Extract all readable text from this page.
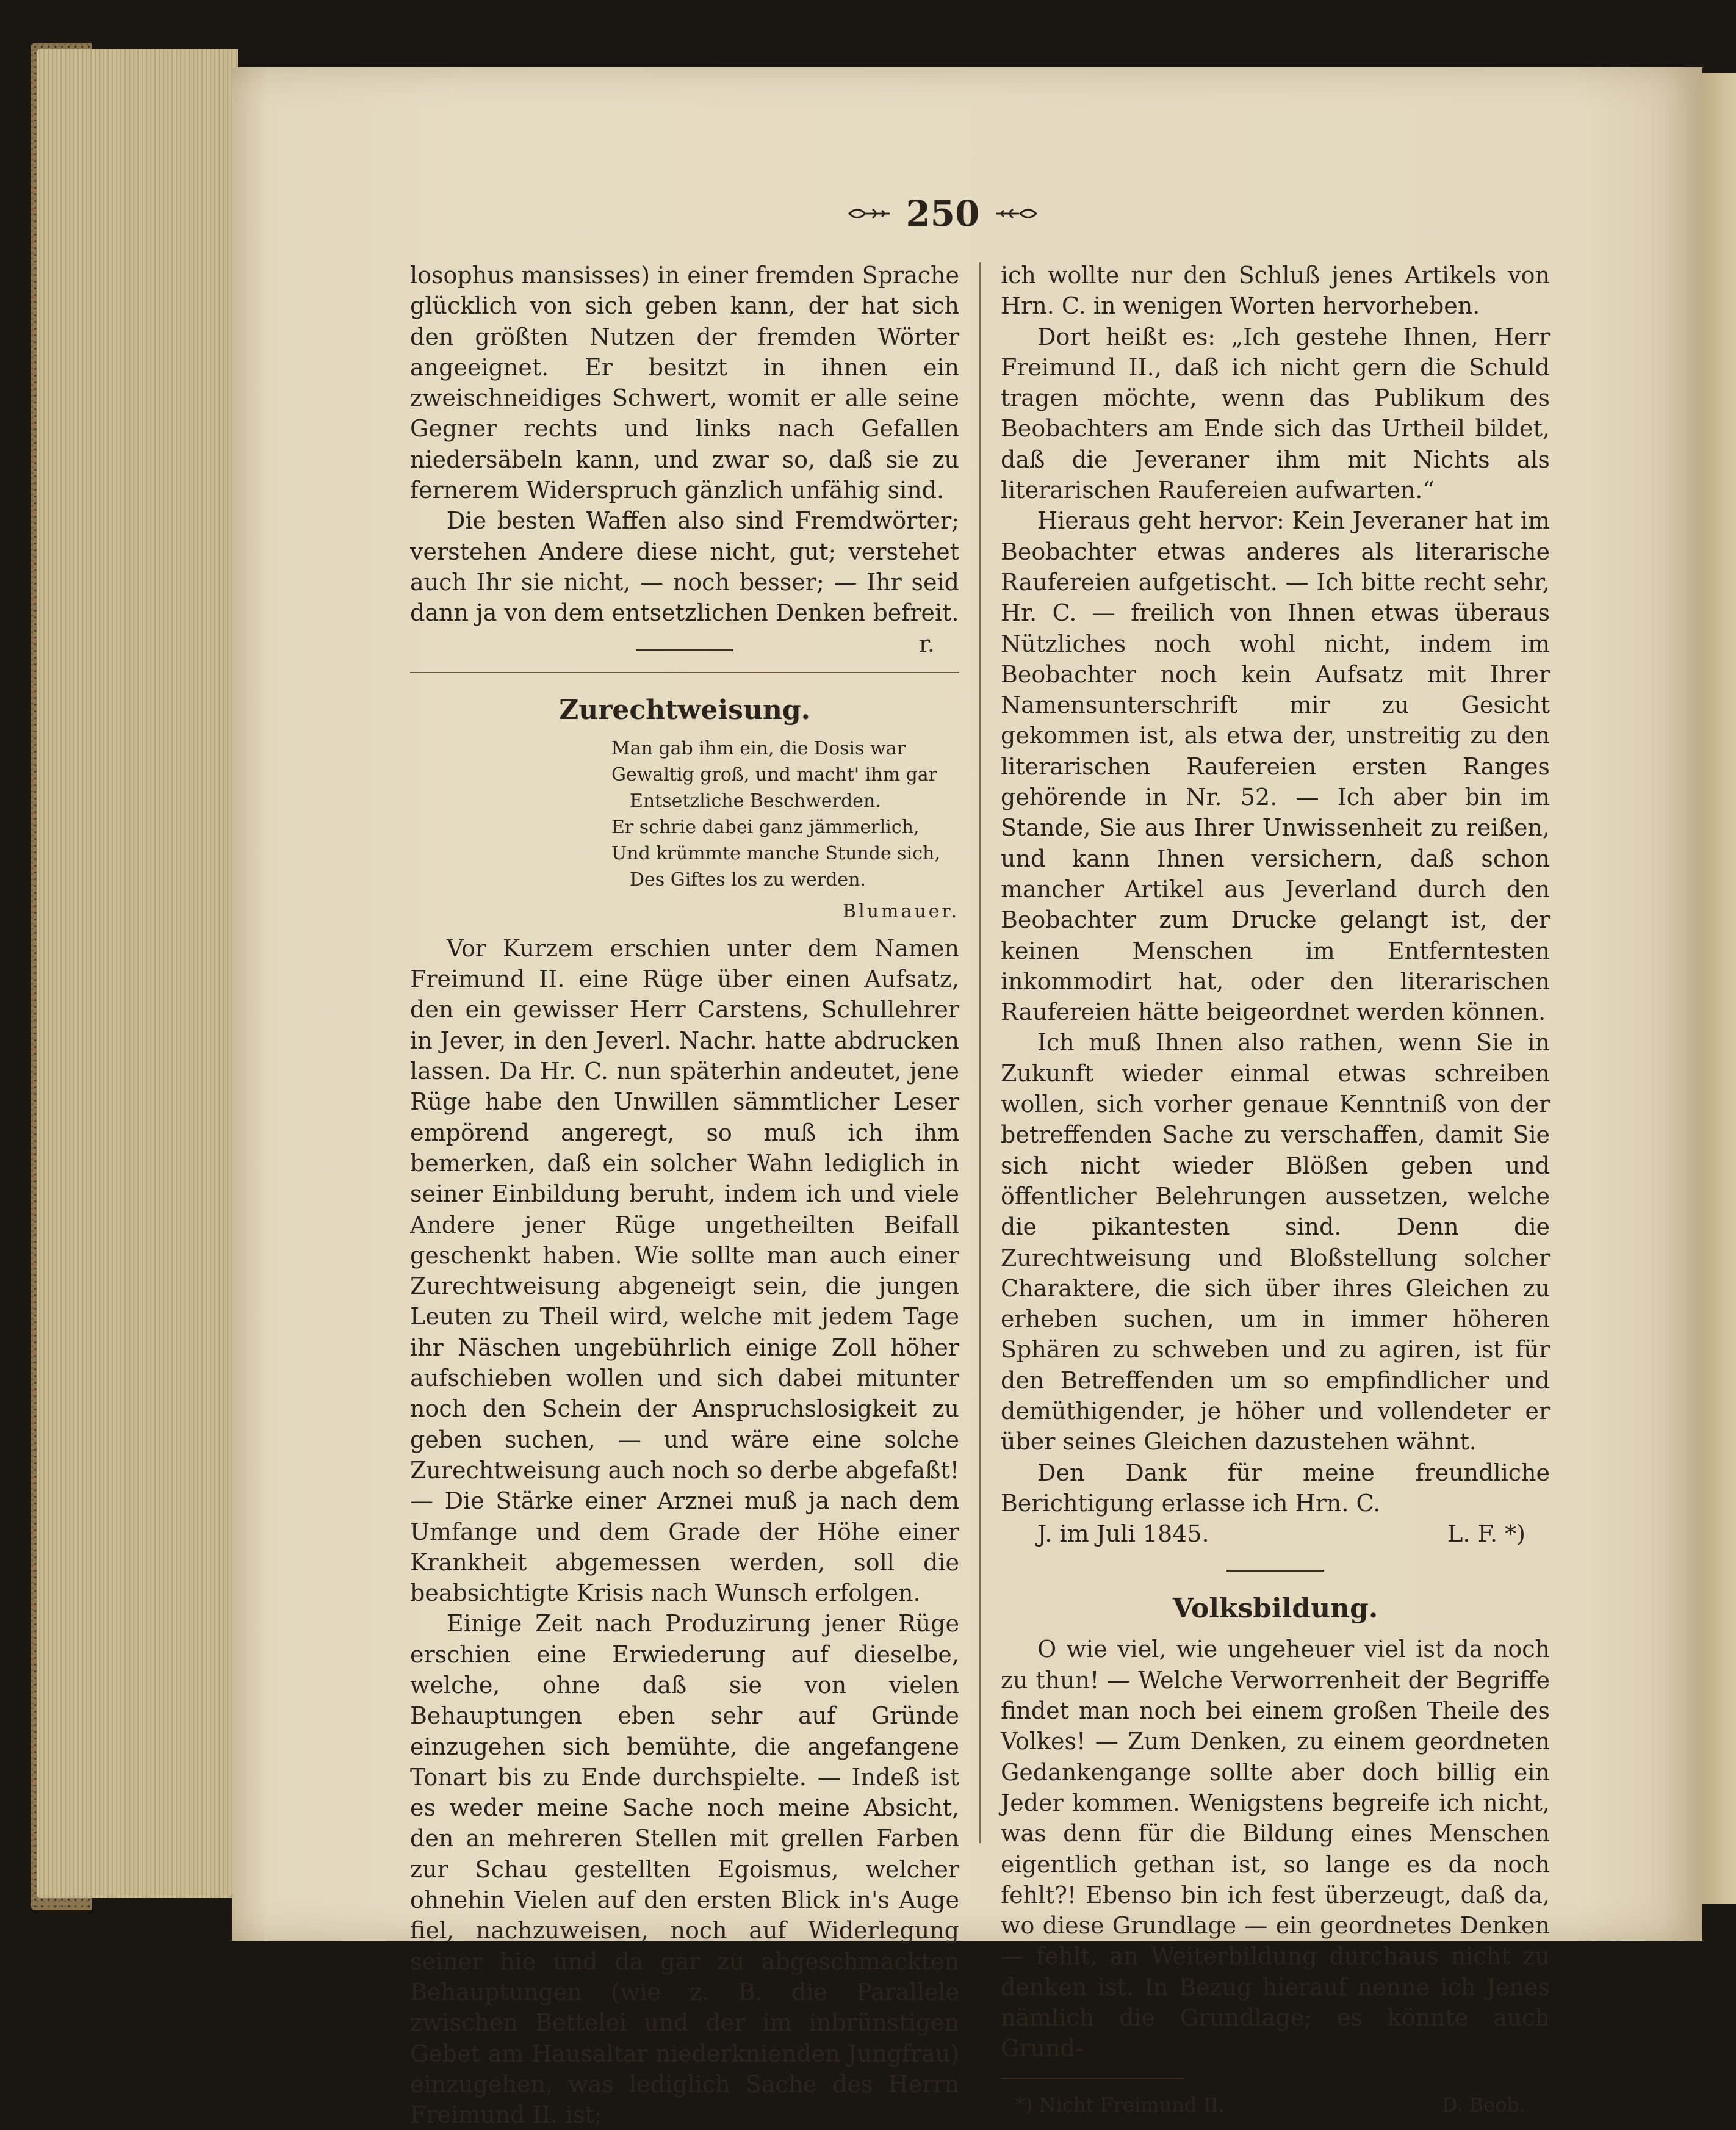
250

losophus mansisses) in einer fremden Sprache glücklich von sich geben kann, der hat sich den größten Nutzen der fremden Wörter angeeignet. Er besitzt in ihnen ein zweischneidiges Schwert, womit er alle seine Gegner rechts und links nach Gefallen niedersäbeln kann, und zwar so, daß sie zu fernerem Widerspruch gänzlich unfähig sind.

Die besten Waffen also sind Fremdwörter; verstehen Andere diese nicht, gut; verstehet auch Ihr sie nicht, — noch besser; — Ihr seid dann ja von dem entsetzlichen Denken befreit.
r.

Zurechtweisung.
Man gab ihm ein, die Dosis war
Gewaltig groß, und macht' ihm gar
Entsetzliche Beschwerden.
Er schrie dabei ganz jämmerlich,
Und krümmte manche Stunde sich,
Des Giftes los zu werden.
Blumauer.

Vor Kurzem erschien unter dem Namen Freimund II. eine Rüge über einen Aufsatz, den ein gewisser Herr Carstens, Schullehrer in Jever, in den Jeverl. Nachr. hatte abdrucken lassen. Da Hr. C. nun späterhin andeutet, jene Rüge habe den Unwillen sämmtlicher Leser empörend angeregt, so muß ich ihm bemerken, daß ein solcher Wahn lediglich in seiner Einbildung beruht, indem ich und viele Andere jener Rüge ungetheilten Beifall geschenkt haben. Wie sollte man auch einer Zurechtweisung abgeneigt sein, die jungen Leuten zu Theil wird, welche mit jedem Tage ihr Näschen ungebührlich einige Zoll höher aufschieben wollen und sich dabei mitunter noch den Schein der Anspruchslosigkeit zu geben suchen, — und wäre eine solche Zurechtweisung auch noch so derbe abgefaßt! — Die Stärke einer Arznei muß ja nach dem Umfange und dem Grade der Höhe einer Krankheit abgemessen werden, soll die beabsichtigte Krisis nach Wunsch erfolgen.

Einige Zeit nach Produzirung jener Rüge erschien eine Erwiederung auf dieselbe, welche, ohne daß sie von vielen Behauptungen eben sehr auf Gründe einzugehen sich bemühte, die angefangene Tonart bis zu Ende durchspielte. — Indeß ist es weder meine Sache noch meine Absicht, den an mehreren Stellen mit grellen Farben zur Schau gestellten Egoismus, welcher ohnehin Vielen auf den ersten Blick in's Auge fiel, nachzuweisen, noch auf Widerlegung seiner hie und da gar zu abgeschmackten Behauptungen (wie z. B. die Parallele zwischen Bettelei und der im inbrünstigen Gebet am Hausaltar niederknienden Jungfrau) einzugehen, was lediglich Sache des Herrn Freimund II. ist;

ich wollte nur den Schluß jenes Artikels von Hrn. C. in wenigen Worten hervorheben.

Dort heißt es: „Ich gestehe Ihnen, Herr Freimund II., daß ich nicht gern die Schuld tragen möchte, wenn das Publikum des Beobachters am Ende sich das Urtheil bildet, daß die Jeveraner ihm mit Nichts als literarischen Raufereien aufwarten.“

Hieraus geht hervor: Kein Jeveraner hat im Beobachter etwas anderes als literarische Raufereien aufgetischt. — Ich bitte recht sehr, Hr. C. — freilich von Ihnen etwas überaus Nützliches noch wohl nicht, indem im Beobachter noch kein Aufsatz mit Ihrer Namensunterschrift mir zu Gesicht gekommen ist, als etwa der, unstreitig zu den literarischen Raufereien ersten Ranges gehörende in Nr. 52. — Ich aber bin im Stande, Sie aus Ihrer Unwissenheit zu reißen, und kann Ihnen versichern, daß schon mancher Artikel aus Jeverland durch den Beobachter zum Drucke gelangt ist, der keinen Menschen im Entferntesten inkommodirt hat, oder den literarischen Raufereien hätte beigeordnet werden können.

Ich muß Ihnen also rathen, wenn Sie in Zukunft wieder einmal etwas schreiben wollen, sich vorher genaue Kenntniß von der betreffenden Sache zu verschaffen, damit Sie sich nicht wieder Blößen geben und öffentlicher Belehrungen aussetzen, welche die pikantesten sind. Denn die Zurechtweisung und Bloßstellung solcher Charaktere, die sich über ihres Gleichen zu erheben suchen, um in immer höheren Sphären zu schweben und zu agiren, ist für den Betreffenden um so empfindlicher und demüthigender, je höher und vollendeter er über seines Gleichen dazustehen wähnt.

Den Dank für meine freundliche Berichtigung erlasse ich Hrn. C.

J. im Juli 1845.	L. F. *)
Volksbildung.

O wie viel, wie ungeheuer viel ist da noch zu thun! — Welche Verworrenheit der Begriffe findet man noch bei einem großen Theile des Volkes! — Zum Denken, zu einem geordneten Gedankengange sollte aber doch billig ein Jeder kommen. Wenigstens begreife ich nicht, was denn für die Bildung eines Menschen eigentlich gethan ist, so lange es da noch fehlt?! Ebenso bin ich fest überzeugt, daß da, wo diese Grundlage — ein geordnetes Denken — fehlt, an Weiterbildung durchaus nicht zu denken ist. In Bezug hierauf nenne ich Jenes nämlich die Grundlage; es könnte auch Grund-

*) Nicht Freimund II.	D. Beob.
